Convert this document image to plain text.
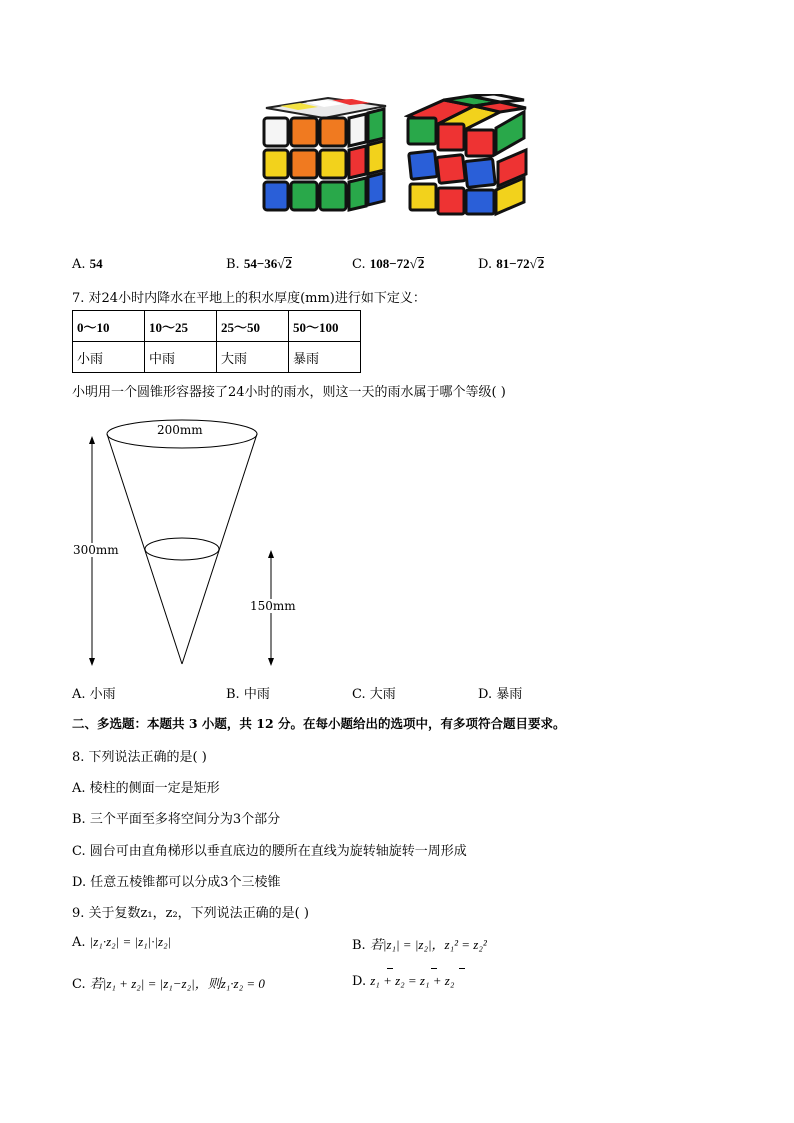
A. 54	B. 54−36√2	C. 108−72√2	D. 81−72√2
7. 对24小时内降水在平地上的积水厚度(mm)进行如下定义：
0～10	10～25	25～50	50～100
小雨	中雨	大雨	暴雨
小明用一个圆锥形容器接了24小时的雨水，则这一天的雨水属于哪个等级( )
200mm
300mm
150mm
A. 小雨	B. 中雨	C. 大雨	D. 暴雨
二、多选题：本题共 3 小题，共 12 分。在每小题给出的选项中，有多项符合题目要求。
8. 下列说法正确的是( )
A. 棱柱的侧面一定是矩形
B. 三个平面至多将空间分为3个部分
C. 圆台可由直角梯形以垂直底边的腰所在直线为旋转轴旋转一周形成
D. 任意五棱锥都可以分成3个三棱锥
9. 关于复数z₁，z₂，下列说法正确的是( )
A. |z₁·z₂| = |z₁|·|z₂|	B. 若|z₁| = |z₂|，z₁² = z₂²
C. 若|z₁ + z₂| = |z₁−z₂|，则z₁·z₂ = 0	D. z₁ + z₂ = z₁ + z₂
